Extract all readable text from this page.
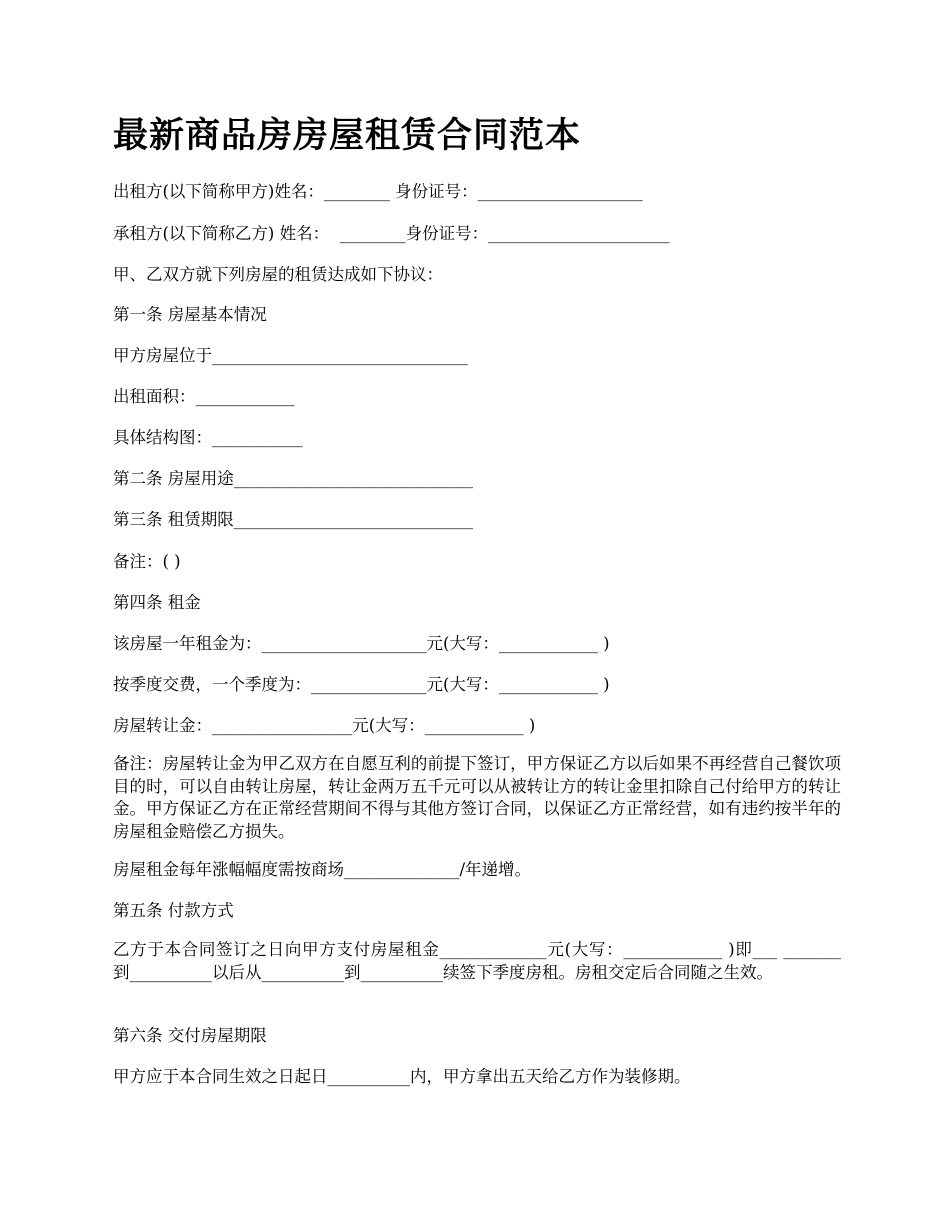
最新商品房房屋租赁合同范本

出租方(以下简称甲方)姓名：________ 身份证号：____________________

承租方(以下简称乙方) 姓名：  ________身份证号：______________________

甲、乙双方就下列房屋的租赁达成如下协议：

第一条 房屋基本情况

甲方房屋位于_______________________________

出租面积：____________

具体结构图：___________

第二条 房屋用途_____________________________

第三条 租赁期限_____________________________

备注：( )

第四条 租金

该房屋一年租金为：____________________元(大写：____________ )

按季度交费，一个季度为：______________元(大写：____________ )

房屋转让金：_________________元(大写：____________ )

备注：房屋转让金为甲乙双方在自愿互利的前提下签订，甲方保证乙方以后如果不再经营自己餐饮项目的时，可以自由转让房屋，转让金两万五千元可以从被转让方的转让金里扣除自己付给甲方的转让金。甲方保证乙方在正常经营期间不得与其他方签订合同，以保证乙方正常经营，如有违约按半年的房屋租金赔偿乙方损失。

房屋租金每年涨幅幅度需按商场______________/年递增。

第五条 付款方式

乙方于本合同签订之日向甲方支付房屋租金_____________元(大写：____________ )即___ _______ 到__________以后从__________到__________续签下季度房租。房租交定后合同随之生效。

第六条 交付房屋期限

甲方应于本合同生效之日起日__________内，甲方拿出五天给乙方作为装修期。
